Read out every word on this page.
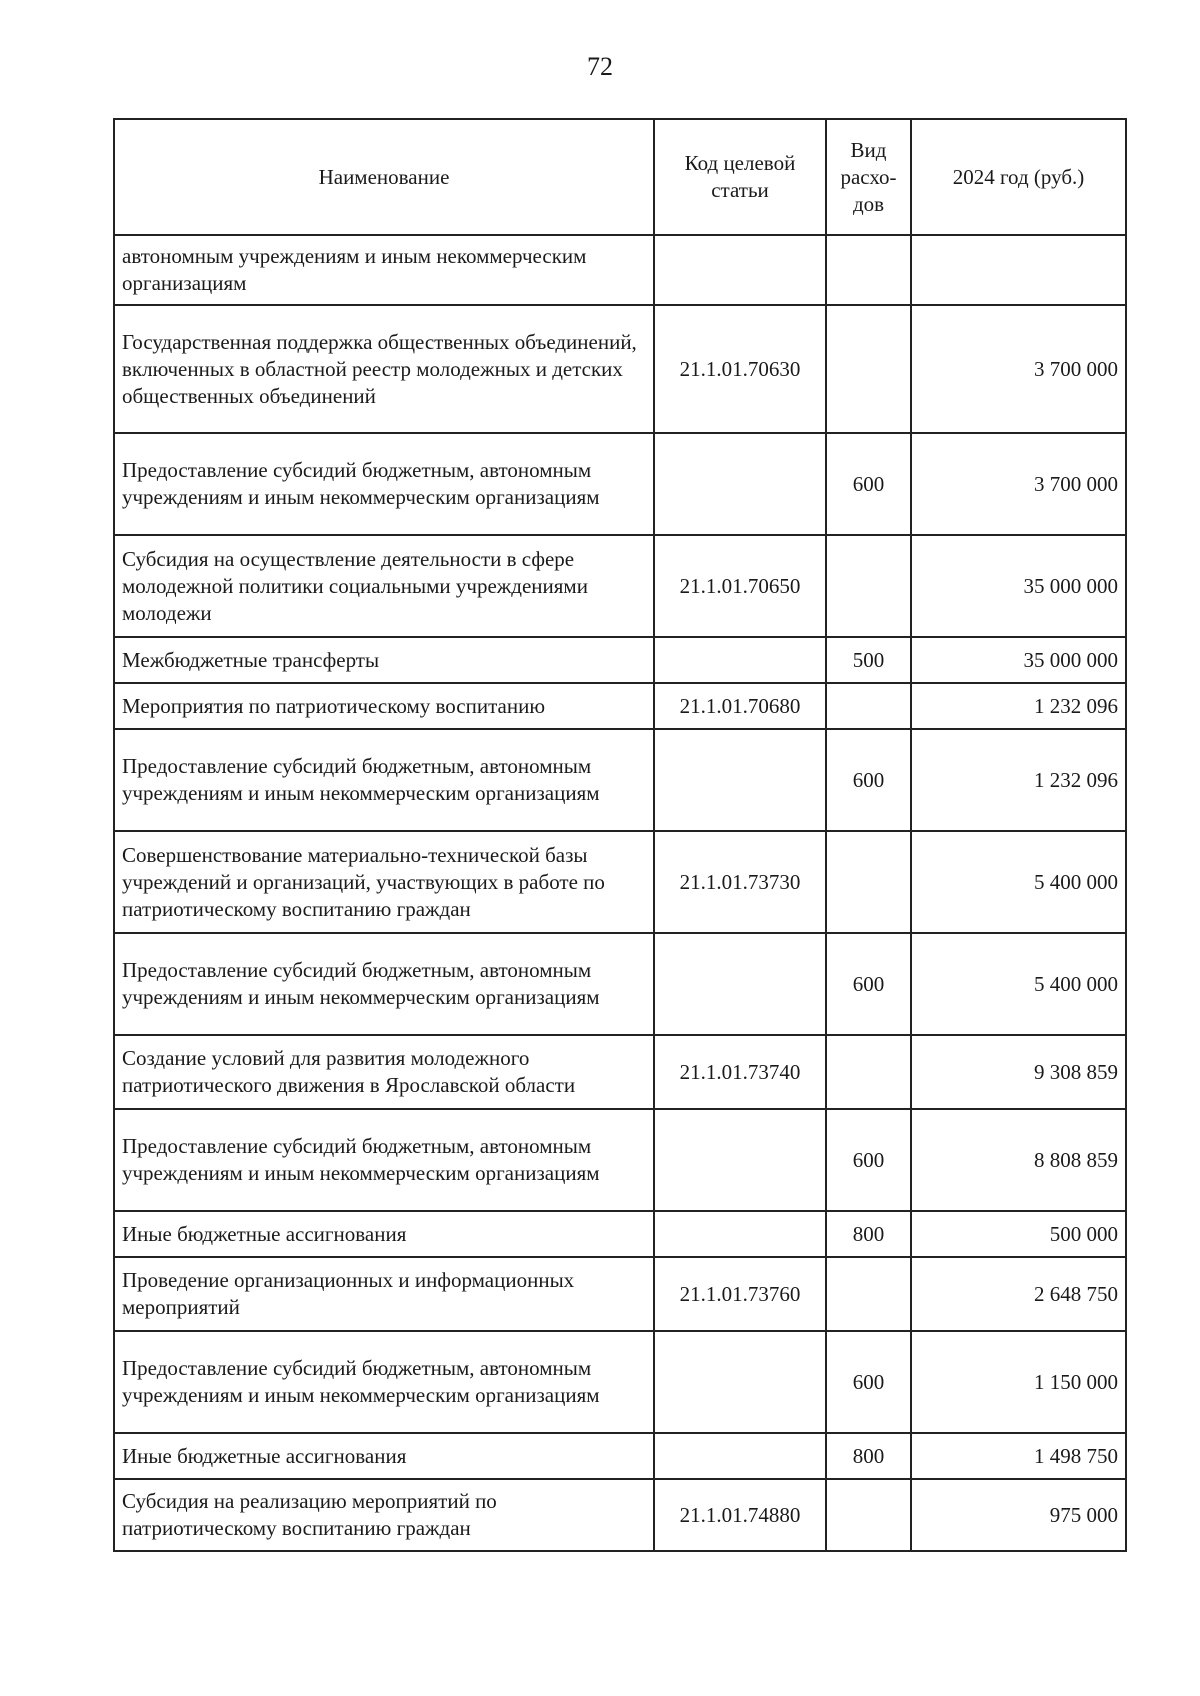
72
Наименование	Код целевой статьи	Вид расхо-дов	2024 год (руб.)
автономным учреждениям и иным некоммерческим организациям			
Государственная поддержка общественных объединений, включенных в областной реестр молодежных и детских общественных объединений	21.1.01.70630		3 700 000
Предоставление субсидий бюджетным, автономным учреждениям и иным некоммерческим организациям		600	3 700 000
Субсидия на осуществление деятельности в сфере молодежной политики социальными учреждениями молодежи	21.1.01.70650		35 000 000
Межбюджетные трансферты		500	35 000 000
Мероприятия по патриотическому воспитанию	21.1.01.70680		1 232 096
Предоставление субсидий бюджетным, автономным учреждениям и иным некоммерческим организациям		600	1 232 096
Совершенствование материально-технической базы учреждений и организаций, участвующих в работе по патриотическому воспитанию граждан	21.1.01.73730		5 400 000
Предоставление субсидий бюджетным, автономным учреждениям и иным некоммерческим организациям		600	5 400 000
Создание условий для развития молодежного патриотического движения в Ярославской области	21.1.01.73740		9 308 859
Предоставление субсидий бюджетным, автономным учреждениям и иным некоммерческим организациям		600	8 808 859
Иные бюджетные ассигнования		800	500 000
Проведение организационных и информационных мероприятий	21.1.01.73760		2 648 750
Предоставление субсидий бюджетным, автономным учреждениям и иным некоммерческим организациям		600	1 150 000
Иные бюджетные ассигнования		800	1 498 750
Субсидия на реализацию мероприятий по патриотическому воспитанию граждан	21.1.01.74880		975 000
